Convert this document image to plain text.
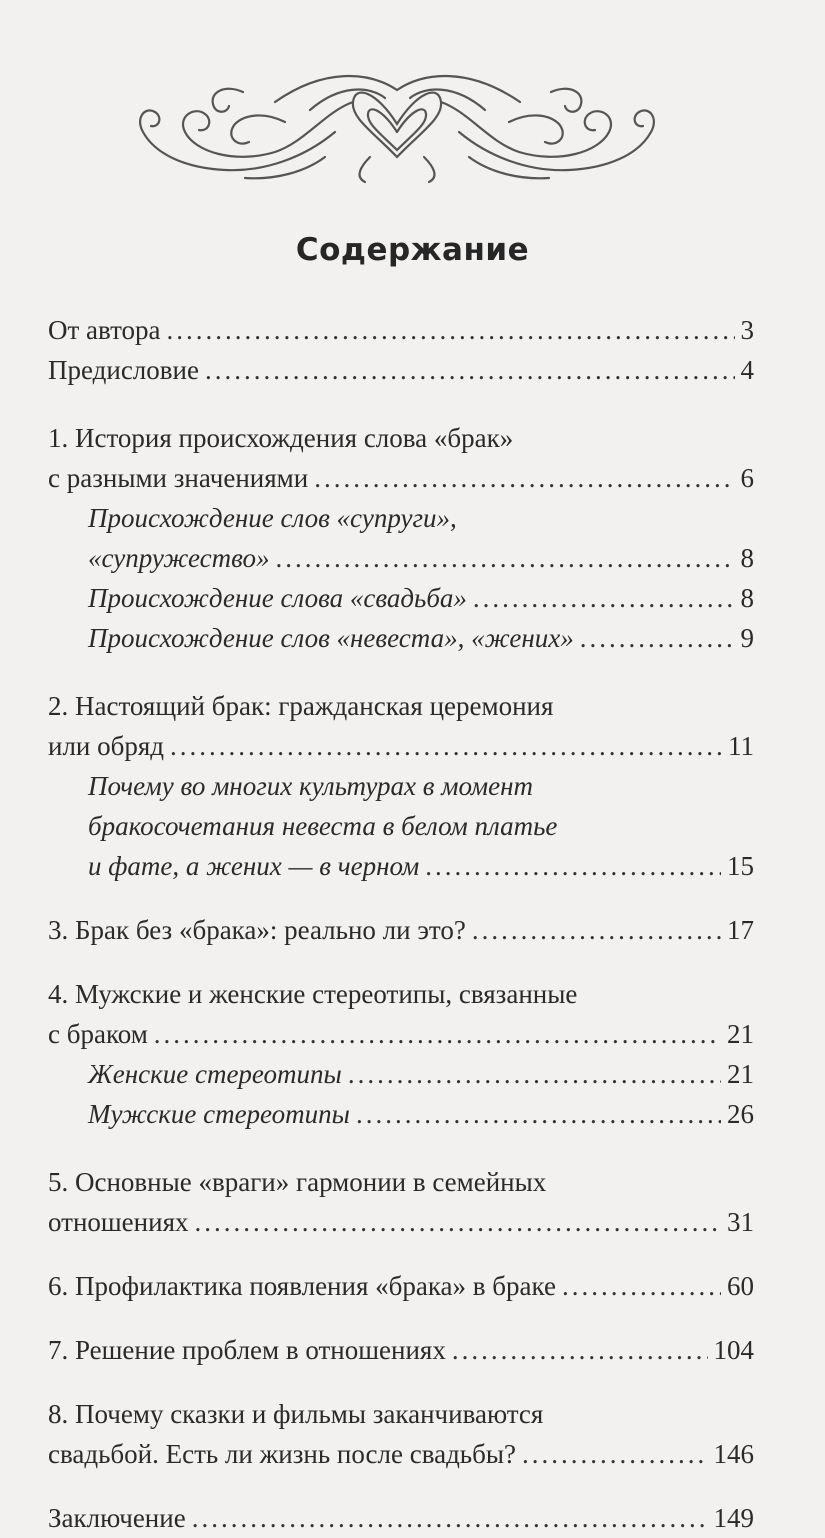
Содержание
От автора .....	3
Предисловие .....	4
1. История происхождения слова «брак»
с разными значениями .....	6
Происхождение слов «супруги»,
«супружество» .....	8
Происхождение слова «свадьба» .....	8
Происхождение слов «невеста», «жених» .....	9
2. Настоящий брак: гражданская церемония
или обряд .....	11
Почему во многих культурах в момент
бракосочетания невеста в белом платье
и фате, а жених — в черном .....	15
3. Брак без «брака»: реально ли это? .....	17
4. Мужские и женские стереотипы, связанные
с браком .....	21
Женские стереотипы .....	21
Мужские стереотипы .....	26
5. Основные «враги» гармонии в семейных
отношениях .....	31
6. Профилактика появления «брака» в браке .....	60
7. Решение проблем в отношениях .....	104
8. Почему сказки и фильмы заканчиваются
свадьбой. Есть ли жизнь после свадьбы? .....	146
Заключение .....	149
